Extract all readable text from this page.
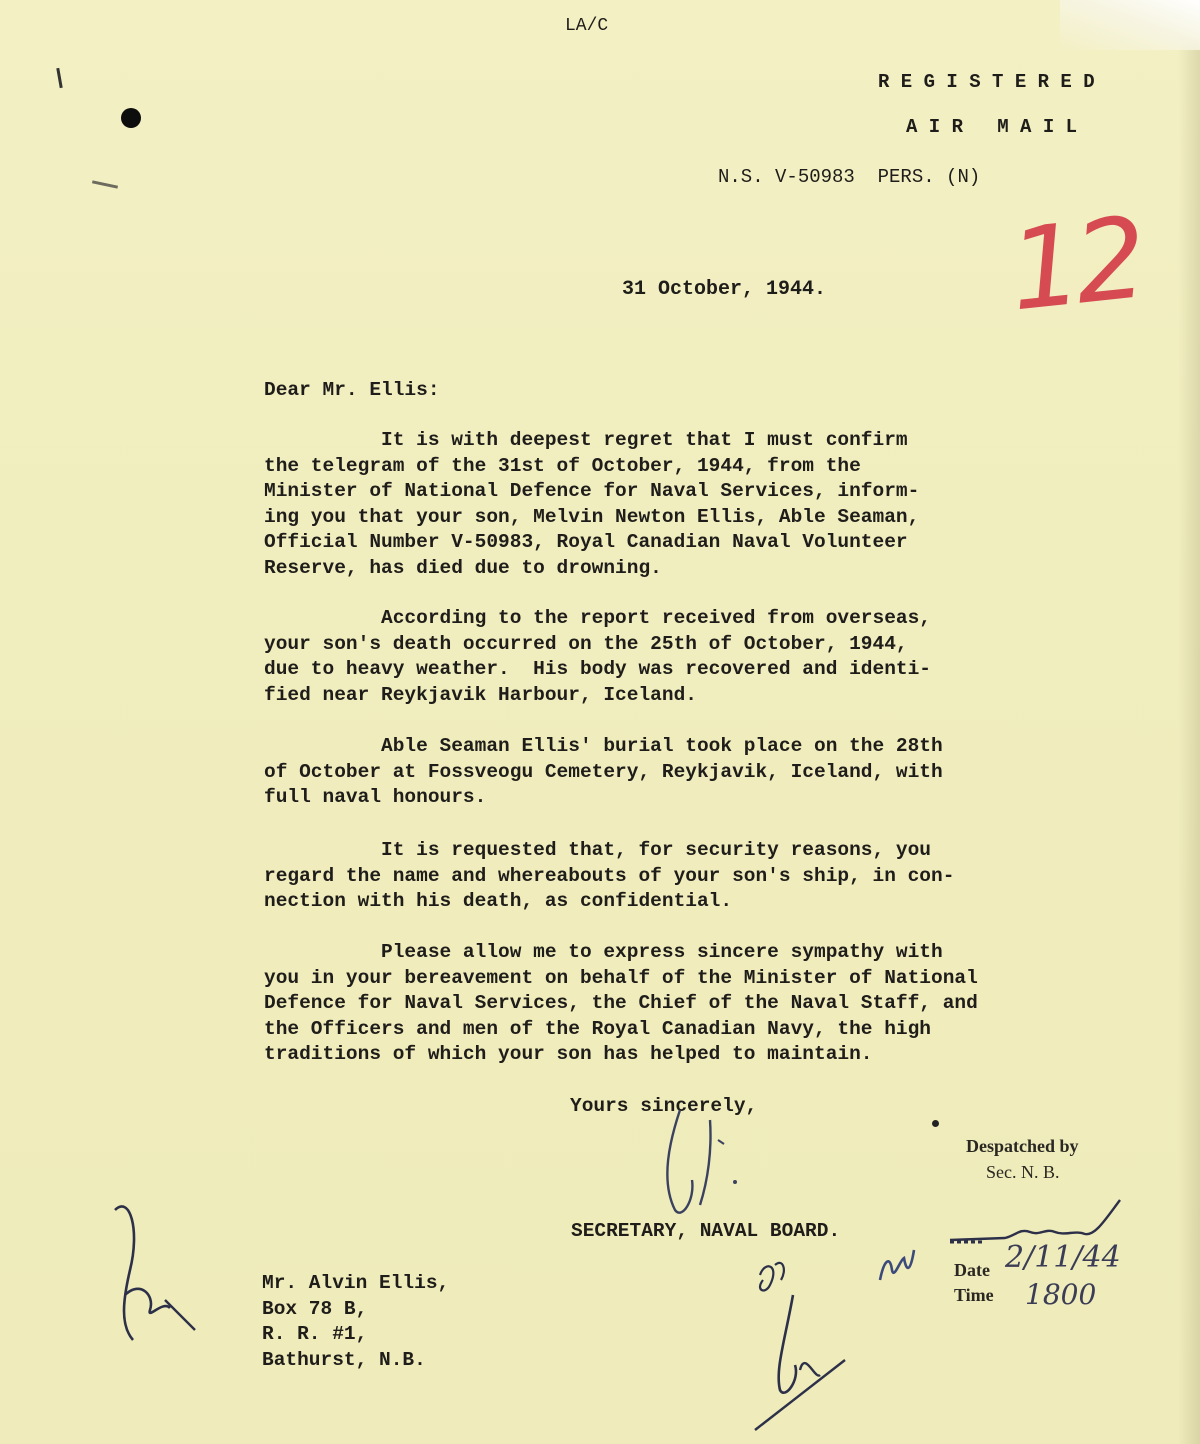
LA/C
R E G I S T E R E D
A I R   M A I L
N.S. V-50983  PERS. (N)
12
31 October, 1944.
Dear Mr. Ellis:
It is with deepest regret that I must confirm
the telegram of the 31st of October, 1944, from the
Minister of National Defence for Naval Services, inform-
ing you that your son, Melvin Newton Ellis, Able Seaman,
Official Number V-50983, Royal Canadian Naval Volunteer
Reserve, has died due to drowning.
According to the report received from overseas,
your son's death occurred on the 25th of October, 1944,
due to heavy weather.  His body was recovered and identi-
fied near Reykjavik Harbour, Iceland.
Able Seaman Ellis' burial took place on the 28th
of October at Fossveogu Cemetery, Reykjavik, Iceland, with
full naval honours.
It is requested that, for security reasons, you
regard the name and whereabouts of your son's ship, in con-
nection with his death, as confidential.
Please allow me to express sincere sympathy with
you in your bereavement on behalf of the Minister of National
Defence for Naval Services, the Chief of the Naval Staff, and
the Officers and men of the Royal Canadian Navy, the high
traditions of which your son has helped to maintain.
Yours sincerely,
SECRETARY, NAVAL BOARD.
Mr. Alvin Ellis,
Box 78 B,
R. R. #1,
Bathurst, N.B.
Despatched by
Sec. N. B.
Date 2/11/44
Time 1800
